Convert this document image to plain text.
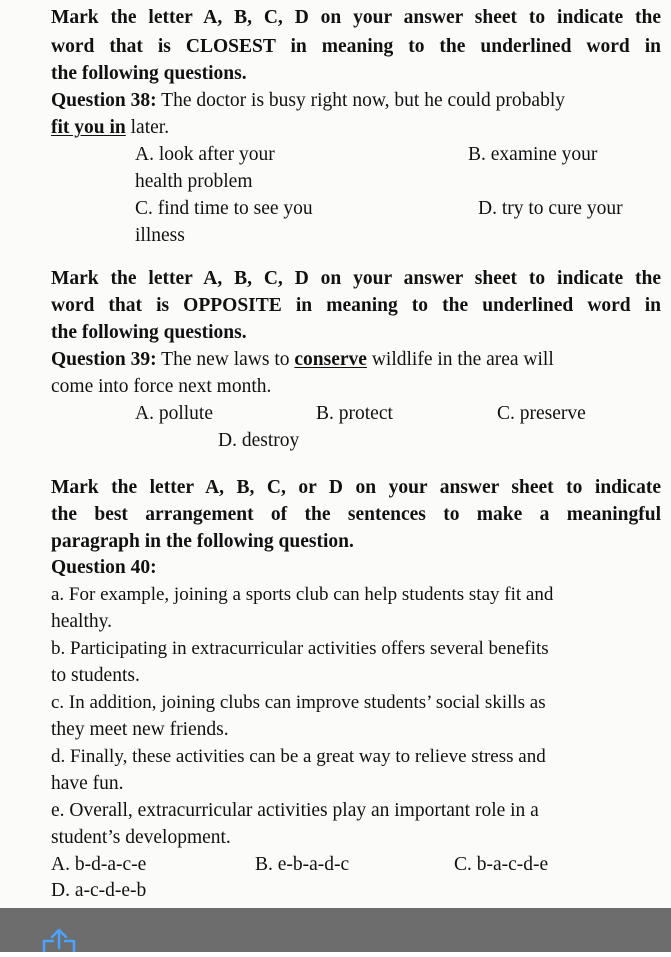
Mark the letter A, B, C, D on your answer sheet to indicate the
word that is CLOSEST in meaning to the underlined word in
the following questions.
Question 38: The doctor is busy right now, but he could probably
fit you in later.
A. look after your	B. examine your
health problem
C. find time to see you	D. try to cure your
illness
Mark the letter A, B, C, D on your answer sheet to indicate the
word that is OPPOSITE in meaning to the underlined word in
the following questions.
Question 39: The new laws to conserve wildlife in the area will
come into force next month.
A. pollute	B. protect	C. preserve
D. destroy
Mark the letter A, B, C, or D on your answer sheet to indicate
the best arrangement of the sentences to make a meaningful
paragraph in the following question.
Question 40:
a. For example, joining a sports club can help students stay fit and
healthy.
b. Participating in extracurricular activities offers several benefits
to students.
c. In addition, joining clubs can improve students’ social skills as
they meet new friends.
d. Finally, these activities can be a great way to relieve stress and
have fun.
e. Overall, extracurricular activities play an important role in a
student’s development.
A. b-d-a-c-e	B. e-b-a-d-c	C. b-a-c-d-e
D. a-c-d-e-b
